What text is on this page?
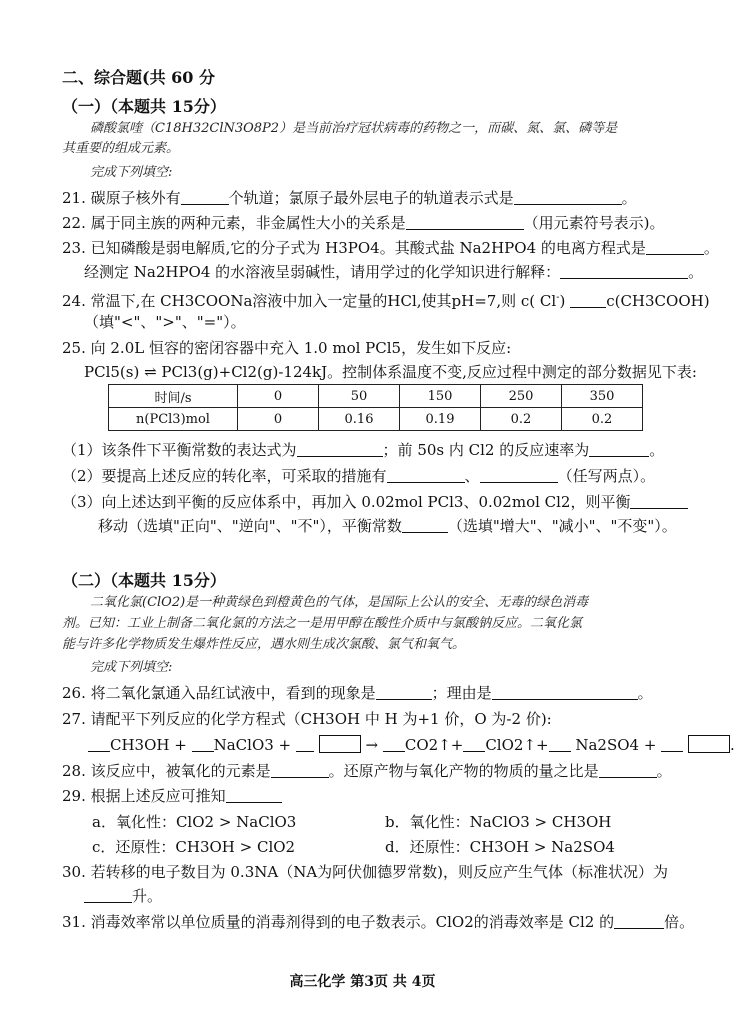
二、综合题(共 60 分
（一）（本题共 15分）
磷酸氯喹（C18H32ClN3O8P2）是当前治疗冠状病毒的药物之一，而碳、氮、氯、磷等是
其重要的组成元素。
完成下列填空:
21. 碳原子核外有	个轨道；氯原子最外层电子的轨道表示式是	。
22. 属于同主族的两种元素，非金属性大小的关系是	（用元素符号表示)。
23. 已知磷酸是弱电解质,它的分子式为 H3PO4。其酸式盐 Na2HPO4 的电离方程式是	。
经测定 Na2HPO4 的水溶液呈弱碱性，请用学过的化学知识进行解释：	。
24. 常温下,在 CH3COONa溶液中加入一定量的HCl,使其pH=7,则 c( Cl-)	c(CH3COOH)
（填"<"、">"、"="）。
25. 向 2.0L 恒容的密闭容器中充入 1.0 mol PCl5，发生如下反应:
PCl5(s) ⇌ PCl3(g)+Cl2(g)-124kJ。控制体系温度不变,反应过程中测定的部分数据见下表:
时间/s	0	50	150	250	350
n(PCl3)mol	0	0.16	0.19	0.2	0.2
（1）该条件下平衡常数的表达式为	；前 50s 内 Cl2 的反应速率为	。
（2）要提高上述反应的转化率，可采取的措施有	、	（任写两点）。
（3）向上述达到平衡的反应体系中，再加入 0.02mol PCl3、0.02mol Cl2，则平衡
移动（选填"正向"、"逆向"、"不"），平衡常数	（选填"增大"、"减小"、"不变"）。
（二）（本题共 15分）
二氧化氯(ClO2)是一种黄绿色到橙黄色的气体，是国际上公认的安全、无毒的绿色消毒
剂。已知：工业上制备二氧化氯的方法之一是用甲醇在酸性介质中与氯酸钠反应。二氧化氯
能与许多化学物质发生爆炸性反应，遇水则生成次氯酸、氯气和氧气。
完成下列填空:
26. 将二氧化氯通入品红试液中，看到的现象是	；理由是	。
27. 请配平下列反应的化学方程式（CH3OH 中 H 为+1 价，O 为-2 价):
CH3OH + NaClO3 +	→ CO2↑+ ClO2↑+ Na2SO4 +	.
28. 该反应中，被氧化的元素是	。还原产物与氧化产物的物质的量之比是	。
29. 根据上述反应可推知
a．氧化性：ClO2 > NaClO3	b．氧化性：NaClO3 > CH3OH
c．还原性：CH3OH > ClO2	d．还原性：CH3OH > Na2SO4
30. 若转移的电子数目为 0.3NA（NA为阿伏伽德罗常数)，则反应产生气体（标准状况）为
升。
31. 消毒效率常以单位质量的消毒剂得到的电子数表示。ClO2的消毒效率是 Cl2 的	倍。
高三化学 第3页 共 4页
